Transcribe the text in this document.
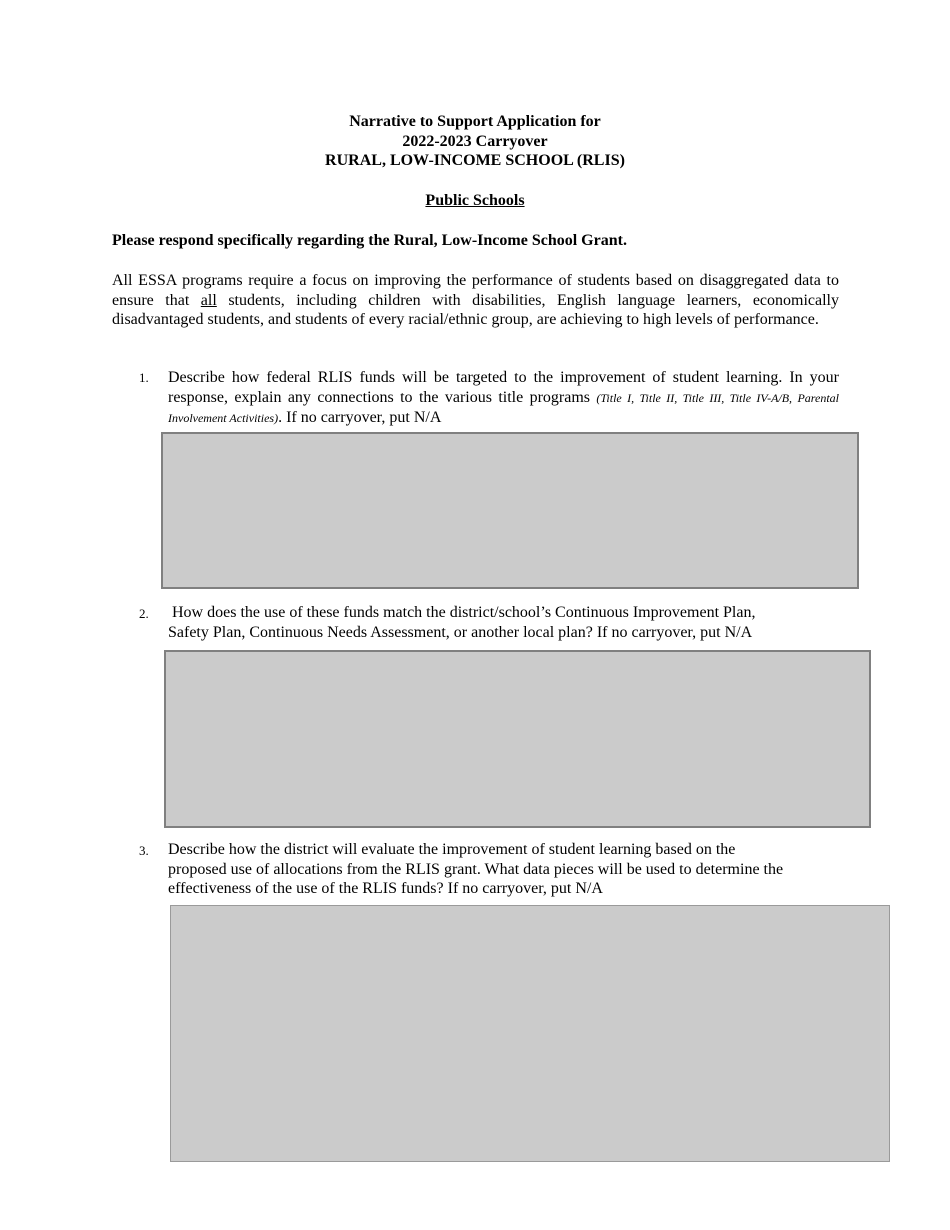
Narrative to Support Application for
2022-2023 Carryover
RURAL, LOW-INCOME SCHOOL (RLIS)
Public Schools
Please respond specifically regarding the Rural, Low-Income School Grant.
All ESSA programs require a focus on improving the performance of students based on disaggregated data to ensure that all students, including children with disabilities, English language learners, economically disadvantaged students, and students of every racial/ethnic group, are achieving to high levels of performance.
1. Describe how federal RLIS funds will be targeted to the improvement of student learning. In your response, explain any connections to the various title programs (Title I, Title II, Title III, Title IV-A/B, Parental Involvement Activities). If no carryover, put N/A
2. How does the use of these funds match the district/school’s Continuous Improvement Plan,
Safety Plan, Continuous Needs Assessment, or another local plan? If no carryover, put N/A
3. Describe how the district will evaluate the improvement of student learning based on the
proposed use of allocations from the RLIS grant. What data pieces will be used to determine the
effectiveness of the use of the RLIS funds? If no carryover, put N/A
